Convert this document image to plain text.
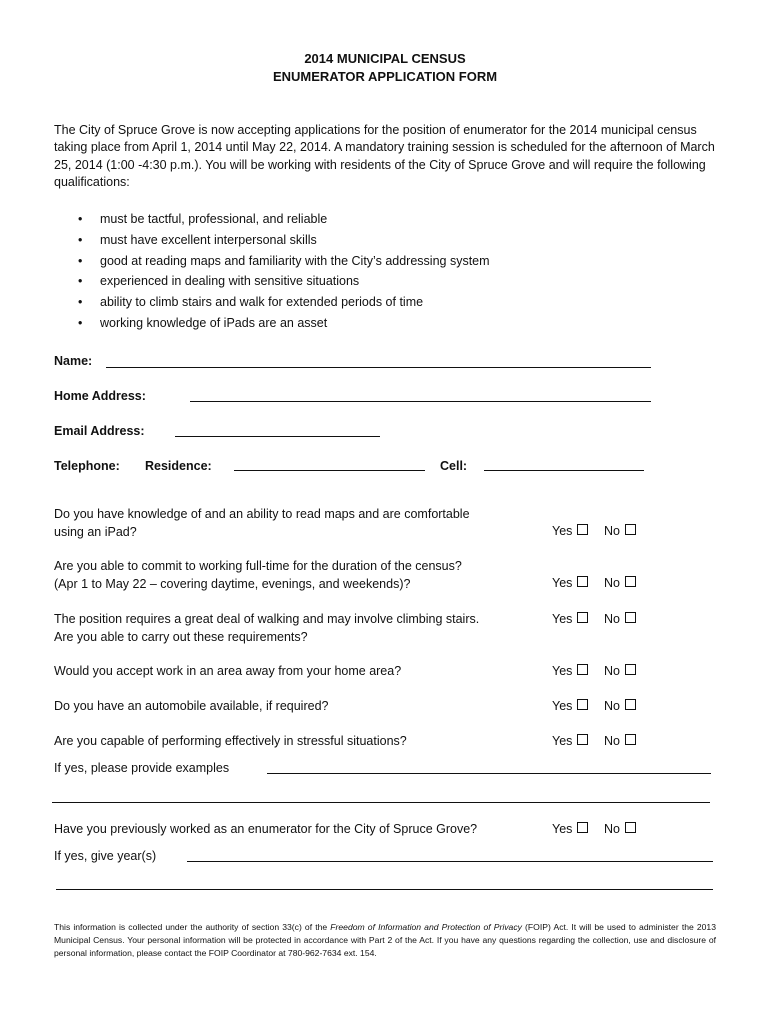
2014 MUNICIPAL CENSUS
ENUMERATOR APPLICATION FORM
The City of Spruce Grove is now accepting applications for the position of enumerator for the 2014 municipal census taking place from April 1, 2014 until May 22, 2014. A mandatory training session is scheduled for the afternoon of March 25, 2014 (1:00 -4:30 p.m.). You will be working with residents of the City of Spruce Grove and will require the following qualifications:
• must be tactful, professional, and reliable
• must have excellent interpersonal skills
• good at reading maps and familiarity with the City’s addressing system
• experienced in dealing with sensitive situations
• ability to climb stairs and walk for extended periods of time
• working knowledge of iPads are an asset
Name:
Home Address:
Email Address:
Telephone: Residence:	Cell:
Do you have knowledge of and an ability to read maps and are comfortable
using an iPad?	Yes	No
Are you able to commit to working full-time for the duration of the census?
(Apr 1 to May 22 – covering daytime, evenings, and weekends)?	Yes	No
The position requires a great deal of walking and may involve climbing stairs.
Are you able to carry out these requirements?
Yes	No
Would you accept work in an area away from your home area?	Yes	No
Do you have an automobile available, if required?	Yes	No
Are you capable of performing effectively in stressful situations?	Yes	No
If yes, please provide examples
Have you previously worked as an enumerator for the City of Spruce Grove?	Yes	No
If yes, give year(s)
This information is collected under the authority of section 33(c) of the Freedom of Information and Protection of Privacy (FOIP) Act. It will be used to administer the 2013 Municipal Census. Your personal information will be protected in accordance with Part 2 of the Act. If you have any questions regarding the collection, use and disclosure of personal information, please contact the FOIP Coordinator at 780-962-7634 ext. 154.
